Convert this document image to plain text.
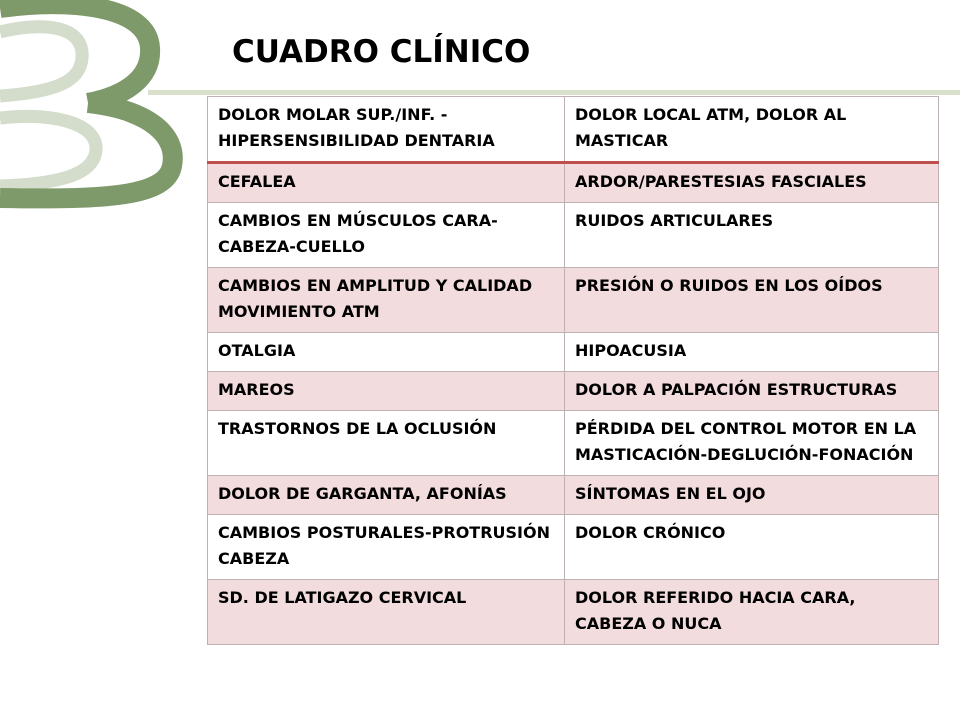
CUADRO CLÍNICO
DOLOR MOLAR SUP./INF. - HIPERSENSIBILIDAD DENTARIA	DOLOR LOCAL ATM, DOLOR AL MASTICAR
CEFALEA	ARDOR/PARESTESIAS FASCIALES
CAMBIOS EN MÚSCULOS CARA-CABEZA-CUELLO	RUIDOS ARTICULARES
CAMBIOS EN AMPLITUD Y CALIDAD MOVIMIENTO ATM	PRESIÓN O RUIDOS EN LOS OÍDOS
OTALGIA	HIPOACUSIA
MAREOS	DOLOR A PALPACIÓN ESTRUCTURAS
TRASTORNOS DE LA OCLUSIÓN	PÉRDIDA DEL CONTROL MOTOR EN LA MASTICACIÓN-DEGLUCIÓN-FONACIÓN
DOLOR DE GARGANTA, AFONÍAS	SÍNTOMAS EN EL OJO
CAMBIOS POSTURALES-PROTRUSIÓN CABEZA	DOLOR CRÓNICO
SD. DE LATIGAZO CERVICAL	DOLOR REFERIDO HACIA CARA, CABEZA O NUCA
